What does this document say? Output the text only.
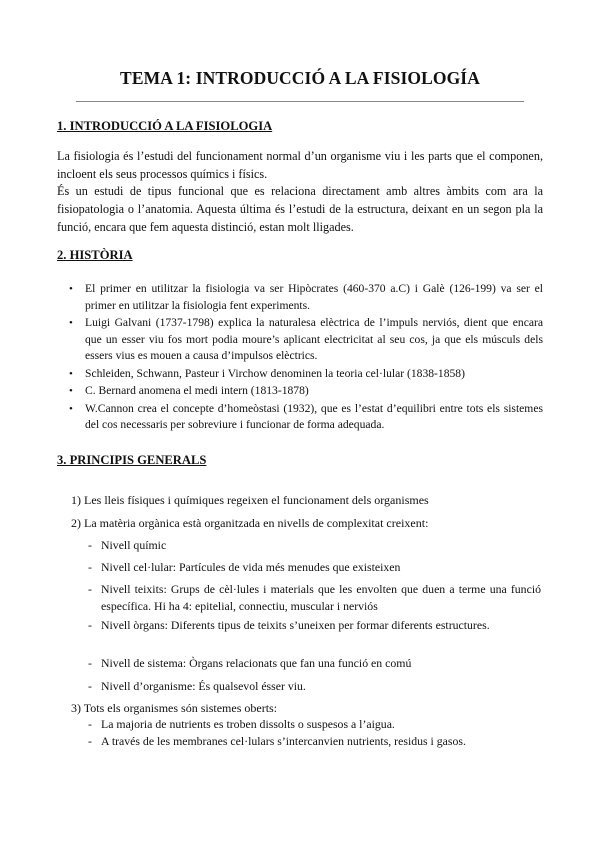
TEMA 1: INTRODUCCIÓ A LA FISIOLOGÍA
1. INTRODUCCIÓ A LA FISIOLOGIA
La fisiologia és l’estudi del funcionament normal d’un organisme viu i les parts que el componen, incloent els seus processos químics i físics.
És un estudi de tipus funcional que es relaciona directament amb altres àmbits com ara la fisiopatologia o l’anatomia. Aquesta última és l’estudi de la estructura, deixant en un segon pla la funció, encara que fem aquesta distinció, estan molt lligades.
2. HISTÒRIA
• El primer en utilitzar la fisiologia va ser Hipòcrates (460-370 a.C) i Galè (126-199) va ser el primer en utilitzar la fisiologia fent experiments.
• Luigi Galvani (1737-1798) explica la naturalesa elèctrica de l’impuls nerviós, dient que encara que un esser viu fos mort podia moure’s aplicant electricitat al seu cos, ja que els músculs dels essers vius es mouen a causa d’impulsos elèctrics.
• Schleiden, Schwann, Pasteur i Virchow denominen la teoria cel·lular (1838-1858)
• C. Bernard anomena el medi intern (1813-1878)
• W.Cannon crea el concepte d’homeòstasi (1932), que es l’estat d’equilibri entre tots els sistemes del cos necessaris per sobreviure i funcionar de forma adequada.
3. PRINCIPIS GENERALS
1) Les lleis físiques i químiques regeixen el funcionament dels organismes
2) La matèria orgànica està organitzada en nivells de complexitat creixent:
- Nivell químic
- Nivell cel·lular: Partícules de vida més menudes que existeixen
- Nivell teixits: Grups de cèl·lules i materials que les envolten que duen a terme una funció específica. Hi ha 4: epitelial, connectiu, muscular i nerviós
- Nivell òrgans: Diferents tipus de teixits s’uneixen per formar diferents estructures.
- Nivell de sistema: Òrgans relacionats que fan una funció en comú
- Nivell d’organisme: És qualsevol ésser viu.
3) Tots els organismes són sistemes oberts:
- La majoria de nutrients es troben dissolts o suspesos a l’aigua.
- A través de les membranes cel·lulars s’intercanvien nutrients, residus i gasos.
